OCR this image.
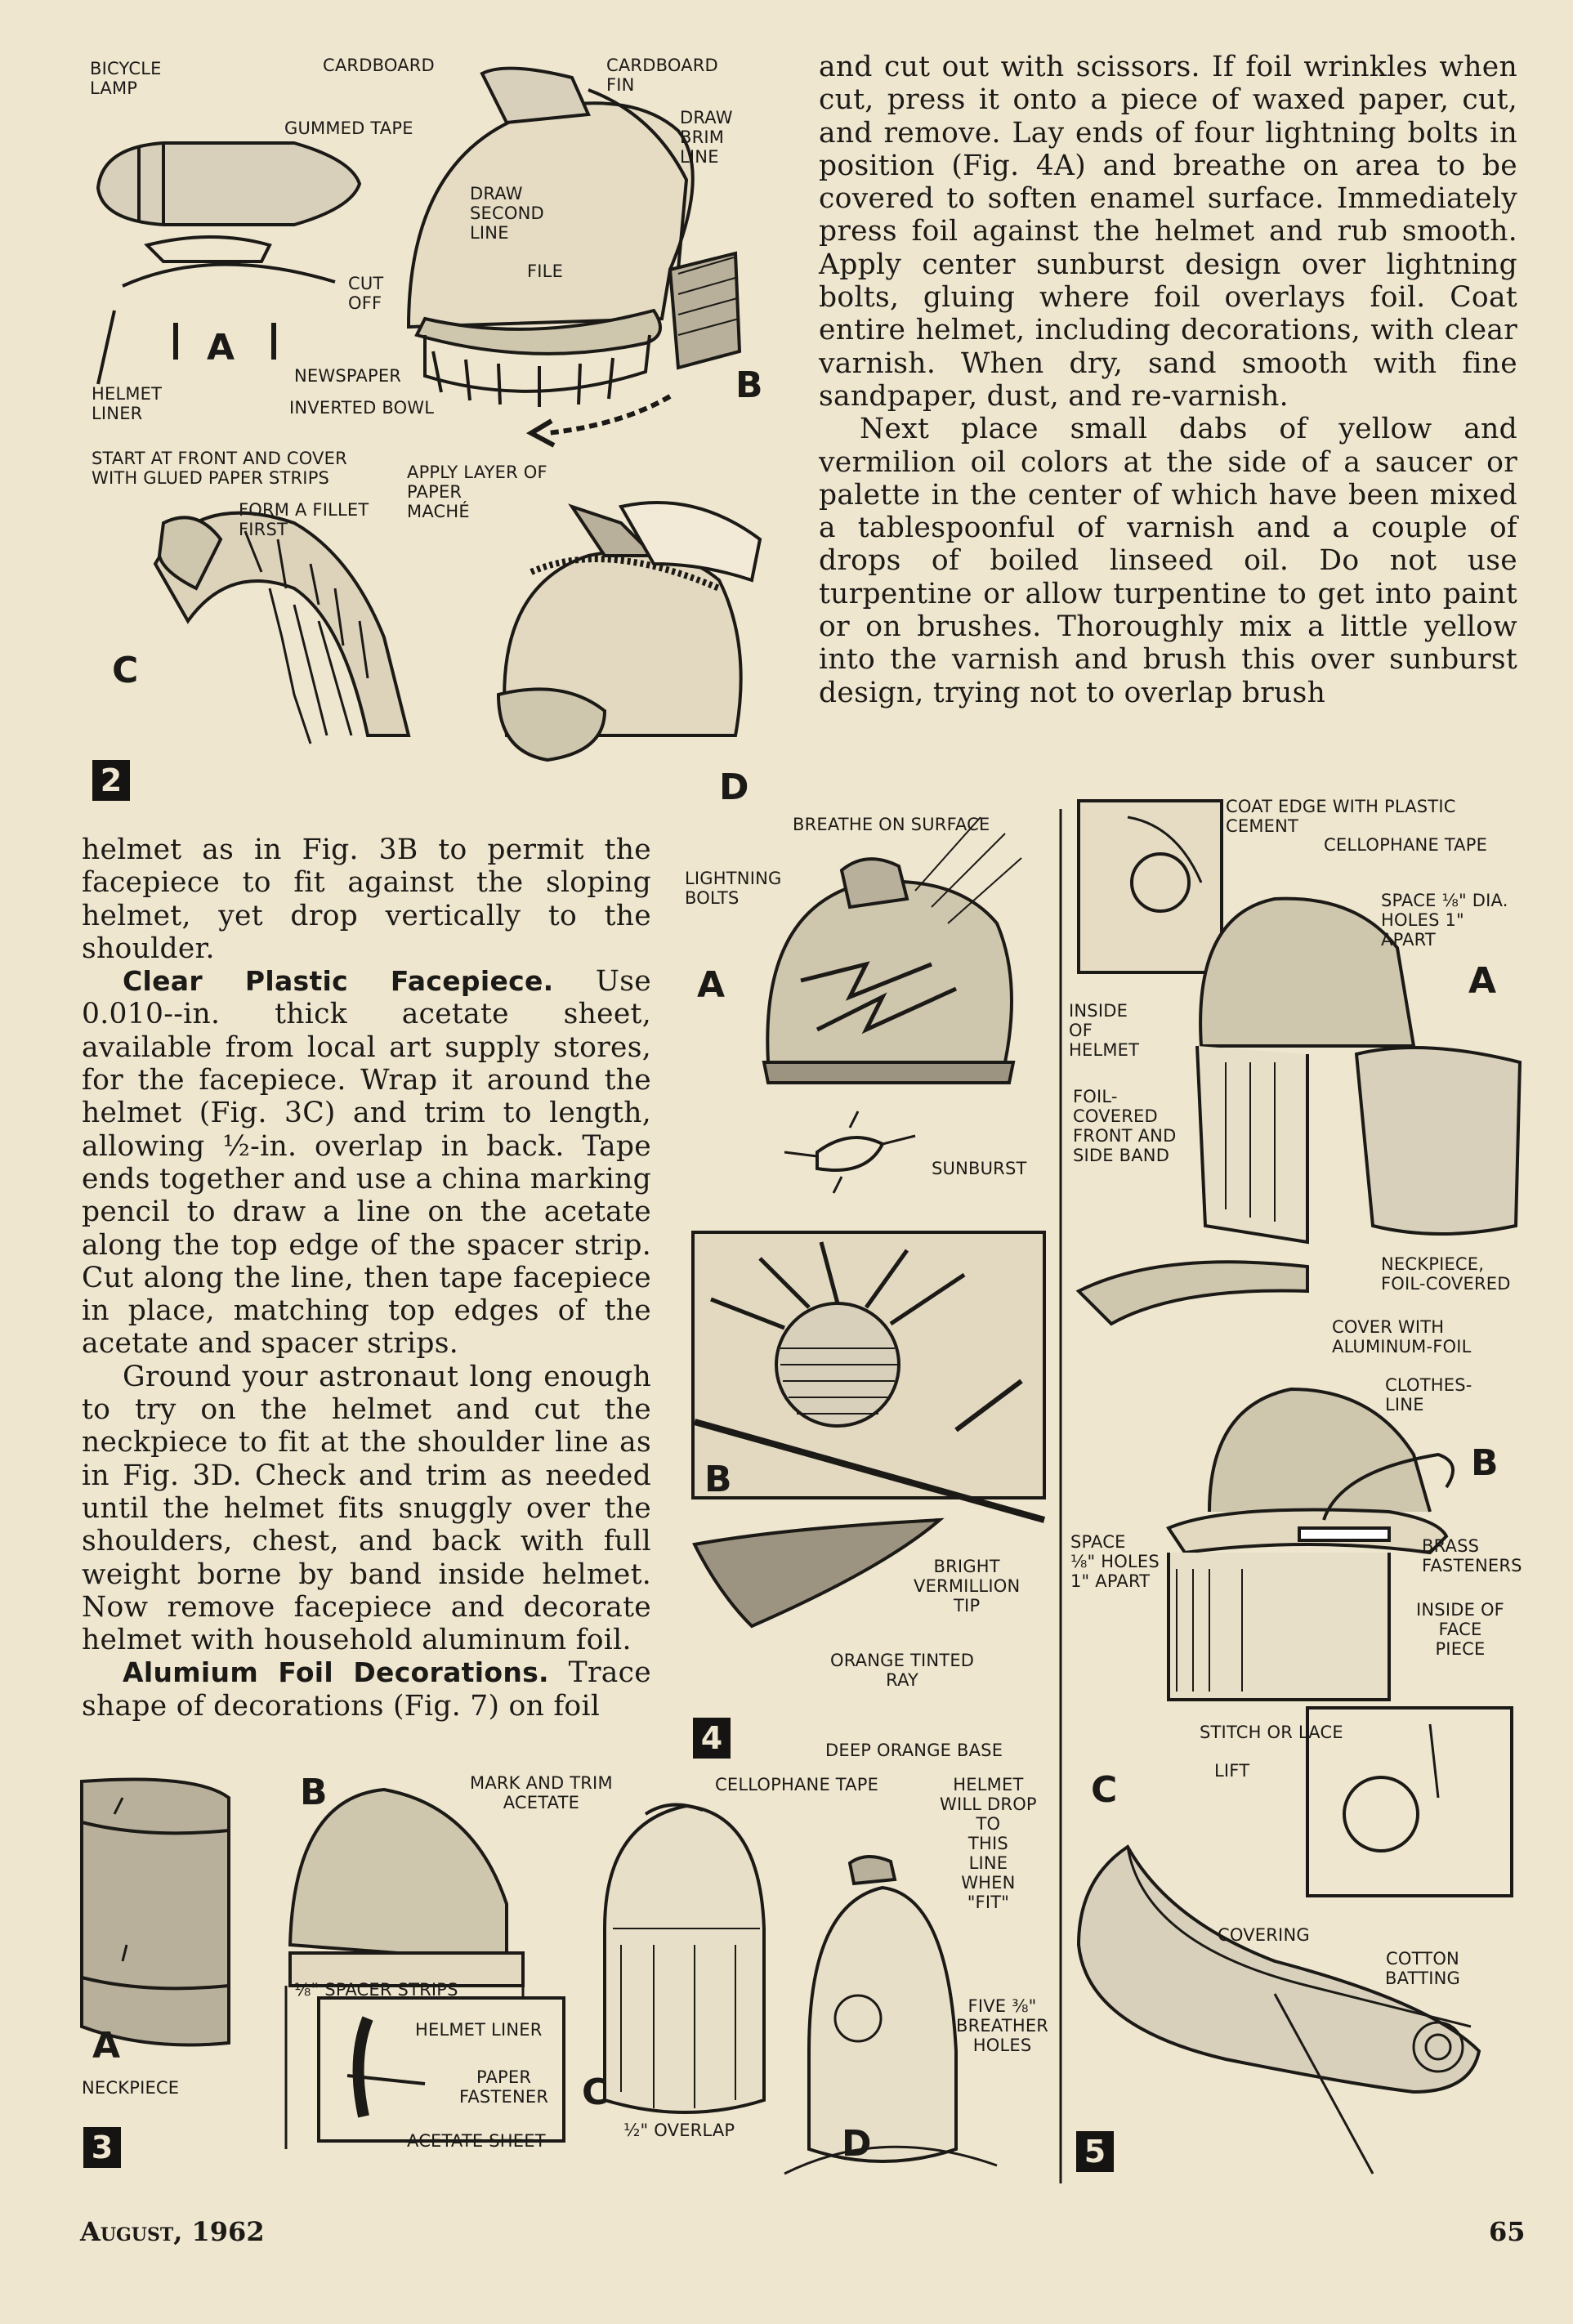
and cut out with scissors. If foil wrinkles when cut, press it onto a piece of waxed paper, cut, and remove. Lay ends of four lightning bolts in position (Fig. 4A) and breathe on area to be covered to soften enamel surface. Immediately press foil against the helmet and rub smooth. Apply center sunburst design over lightning bolts, gluing where foil overlays foil. Coat entire helmet, including decorations, with clear varnish. When dry, sand smooth with fine sandpaper, dust, and re-varnish.

Next place small dabs of yellow and vermilion oil colors at the side of a saucer or palette in the center of which have been mixed a tablespoonful of varnish and a couple of drops of boiled linseed oil. Do not use turpentine or allow turpentine to get into paint or on brushes. Thoroughly mix a little yellow into the varnish and brush this over sunburst design, trying not to overlap brush

helmet as in Fig. 3B to permit the facepiece to fit against the sloping helmet, yet drop vertically to the shoulder.

Clear Plastic Facepiece. Use 0.010--in. thick acetate sheet, available from local art supply stores, for the facepiece. Wrap it around the helmet (Fig. 3C) and trim to length, allowing ½-in. overlap in back. Tape ends together and use a china marking pencil to draw a line on the acetate along the top edge of the spacer strip. Cut along the line, then tape facepiece in place, matching top edges of the acetate and spacer strips.

Ground your astronaut long enough to try on the helmet and cut the neckpiece to fit at the shoulder line as in Fig. 3D. Check and trim as needed until the helmet fits snuggly over the shoulders, chest, and back with full weight borne by band inside helmet. Now remove facepiece and decorate helmet with household aluminum foil.

Alumium Foil Decorations. Trace shape of decorations (Fig. 7) on foil

BICYCLE
LAMP
CARDBOARD	CARDBOARD
FIN
GUMMED TAPE
DRAW
BRIM
LINE
DRAW
SECOND
LINE
FILE
CUT
OFF
HELMET
LINER
NEWSPAPER
INVERTED BOWL
START AT FRONT AND COVER
WITH GLUED PAPER STRIPS
FORM A FILLET
FIRST
APPLY LAYER OF
PAPER
MACHÉ
A
B
C
D
2
BREATHE ON SURFACE
LIGHTNING
BOLTS
SUNBURST
BRIGHT
VERMILLION
TIP
ORANGE TINTED
RAY
DEEP ORANGE BASE
A
B
4
COAT EDGE WITH PLASTIC
CEMENT
CELLOPHANE TAPE
SPACE ⅛" DIA.
HOLES 1"
APART
INSIDE
OF
HELMET
FOIL-
COVERED
FRONT AND
SIDE BAND
NECKPIECE,
FOIL-COVERED
COVER WITH
ALUMINUM-FOIL
CLOTHES-
LINE
SPACE
⅛" HOLES
1" APART
BRASS
FASTENERS
INSIDE OF
FACE
PIECE
STITCH OR LACE
LIFT
COVERING
COTTON
BATTING
A
B
C
5
NECKPIECE
⅛" SPACER STRIPS
HELMET LINER
PAPER
FASTENER
ACETATE SHEET
MARK AND TRIM
ACETATE
CELLOPHANE TAPE	HELMET
WILL DROP
TO
THIS
LINE
WHEN
"FIT"
FIVE ⅜"
BREATHER
HOLES
½" OVERLAP
A
B
C
D
3
August, 1962	65
